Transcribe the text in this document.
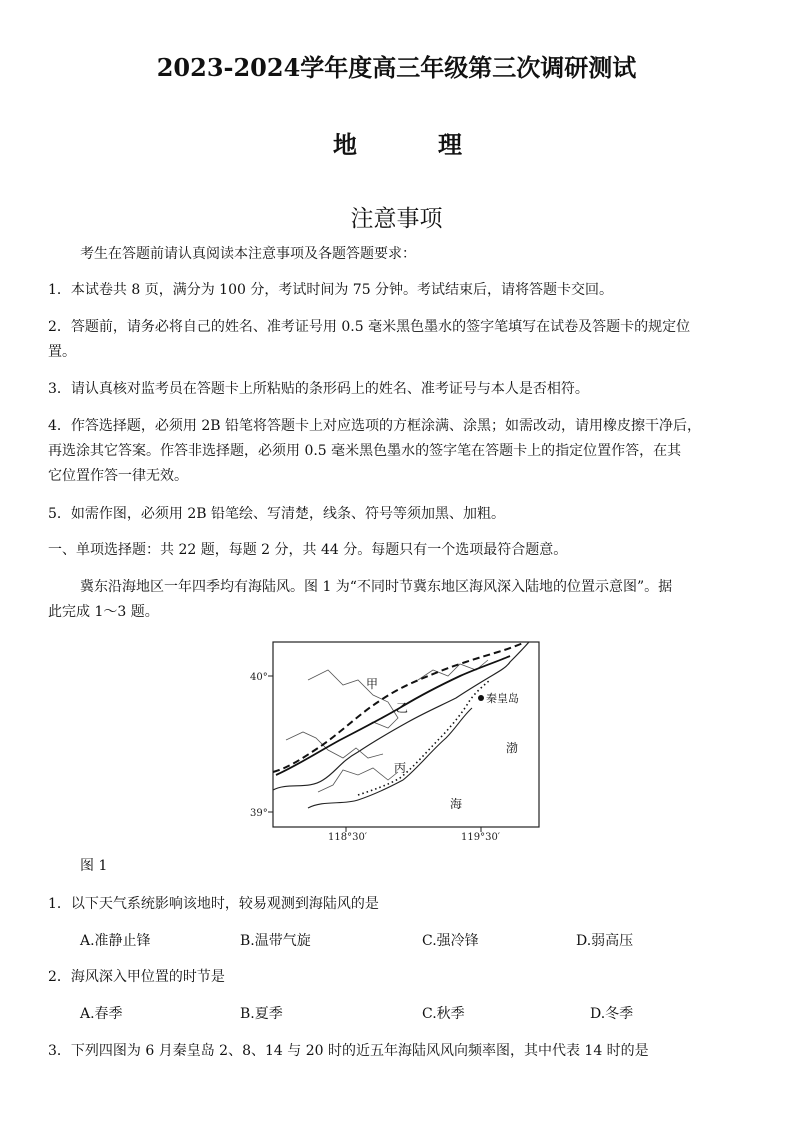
2023-2024学年度高三年级第三次调研测试
地	理
注意事项
考生在答题前请认真阅读本注意事项及各题答题要求：
1．本试卷共 8 页，满分为 100 分，考试时间为 75 分钟。考试结束后，请将答题卡交回。
2．答题前，请务必将自己的姓名、准考证号用 0.5 毫米黑色墨水的签字笔填写在试卷及答题卡的规定位
置。
3．请认真核对监考员在答题卡上所粘贴的条形码上的姓名、准考证号与本人是否相符。
4．作答选择题，必须用 2B 铅笔将答题卡上对应选项的方框涂满、涂黑；如需改动，请用橡皮擦干净后，
再选涂其它答案。作答非选择题，必须用 0.5 毫米黑色墨水的签字笔在答题卡上的指定位置作答，在其
它位置作答一律无效。
5．如需作图，必须用 2B 铅笔绘、写清楚，线条、符号等须加黑、加粗。
一、单项选择题：共 22 题，每题 2 分，共 44 分。每题只有一个选项最符合题意。
冀东沿海地区一年四季均有海陆风。图 1 为“不同时节冀东地区海风深入陆地的位置示意图”。据
此完成 1～3 题。
40°
39°
118°30′	119°30′
甲
乙
丙
秦皇岛
渤
海
图 1
1．以下天气系统影响该地时，较易观测到海陆风的是
A.准静止锋	B.温带气旋	C.强冷锋	D.弱高压
2．海风深入甲位置的时节是
A.春季	B.夏季	C.秋季	D.冬季
3．下列四图为 6 月秦皇岛 2、8、14 与 20 时的近五年海陆风风向频率图，其中代表 14 时的是
